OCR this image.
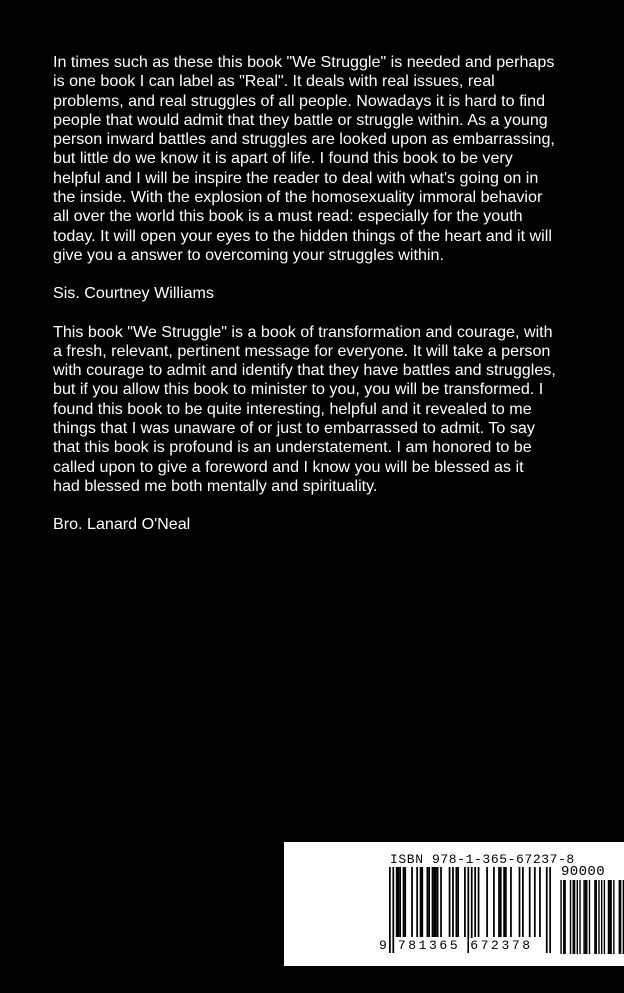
In times such as these this book "We Struggle" is needed and perhaps
is one book I can label as "Real". It deals with real issues, real
problems, and real struggles of all people. Nowadays it is hard to find
people that would admit that they battle or struggle within. As a young
person inward battles and struggles are looked upon as embarrassing,
but little do we know it is apart of life. I found this book to be very
helpful and I will be inspire the reader to deal with what's going on in
the inside. With the explosion of the homosexuality immoral behavior
all over the world this book is a must read: especially for the youth
today. It will open your eyes to the hidden things of the heart and it will
give you a answer to overcoming your struggles within.

Sis. Courtney Williams

This book "We Struggle" is a book of transformation and courage, with
a fresh, relevant, pertinent message for everyone. It will take a person
with courage to admit and identify that they have battles and struggles,
but if you allow this book to minister to you, you will be transformed. I
found this book to be quite interesting, helpful and it revealed to me
things that I was unaware of or just to embarrassed to admit. To say
that this book is profound is an understatement. I am honored to be
called upon to give a foreword and I know you will be blessed as it
had blessed me both mentally and spirituality.

Bro. Lanard O'Neal

ISBN 978-1-365-67237-8
90000
9 781365 672378
